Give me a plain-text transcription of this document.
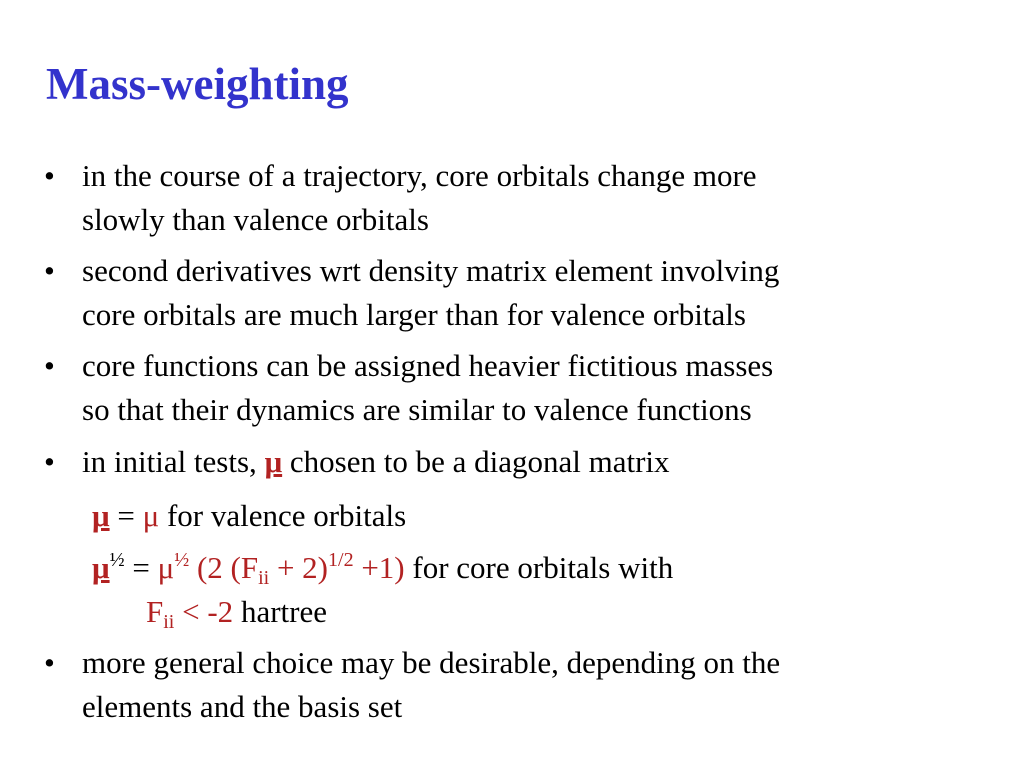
Mass-weighting
• in the course of a trajectory, core orbitals change more
slowly than valence orbitals
• second derivatives wrt density matrix element involving
core orbitals are much larger than for valence orbitals
• core functions can be assigned heavier fictitious masses
so that their dynamics are similar to valence functions
• in initial tests, μ chosen to be a diagonal matrix
μ = μ for valence orbitals
$\mu^{\frac{1}{2}} = \mu^{\frac{1}{2}}$ (2 $(F_{ii} + 2)^{1/2} +1$) for core orbitals with
$F_{ii} < -2$ hartree
• more general choice may be desirable, depending on the
elements and the basis set
